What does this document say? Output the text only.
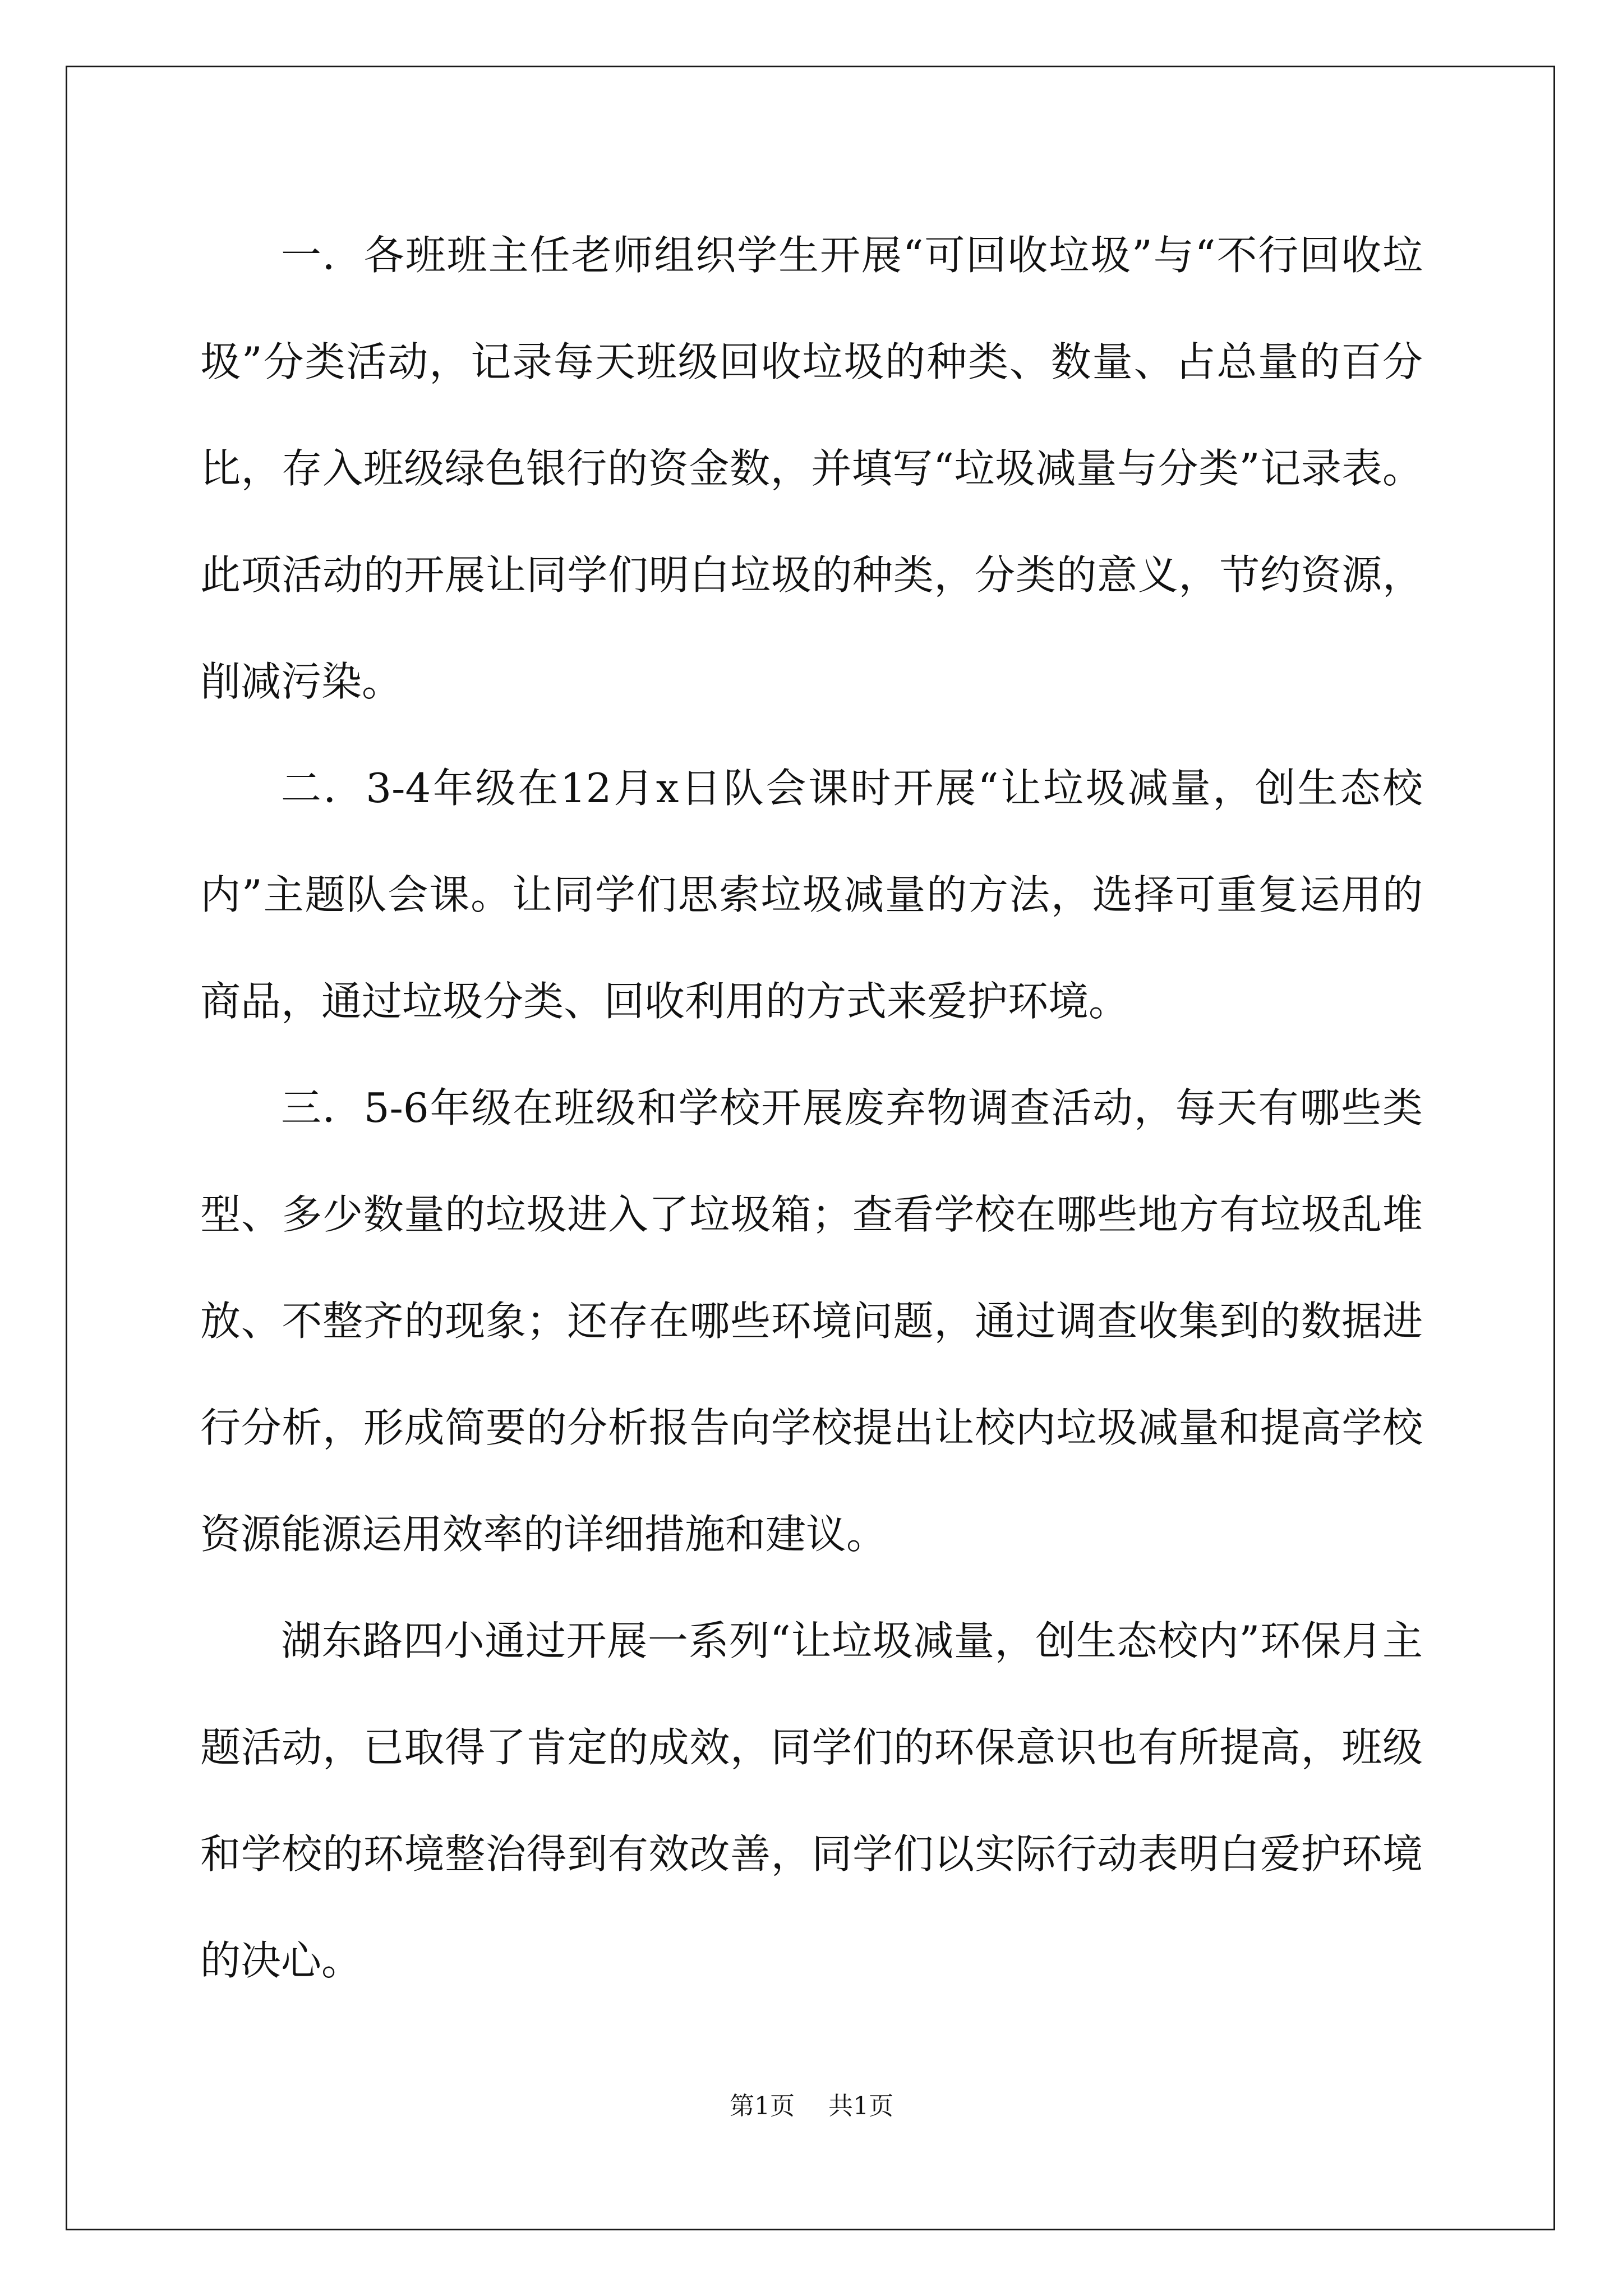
一．各班班主任老师组织学生开展“可回收垃圾”与“不行回收垃圾”分类活动，记录每天班级回收垃圾的种类、数量、占总量的百分比，存入班级绿色银行的资金数，并填写“垃圾减量与分类”记录表。此项活动的开展让同学们明白垃圾的种类，分类的意义，节约资源，削减污染。

二．3-4年级在12月x日队会课时开展“让垃圾减量，创生态校内”主题队会课。让同学们思索垃圾减量的方法，选择可重复运用的商品，通过垃圾分类、回收利用的方式来爱护环境。

三．5-6年级在班级和学校开展废弃物调查活动，每天有哪些类型、多少数量的垃圾进入了垃圾箱；查看学校在哪些地方有垃圾乱堆放、不整齐的现象；还存在哪些环境问题，通过调查收集到的数据进行分析，形成简要的分析报告向学校提出让校内垃圾减量和提高学校资源能源运用效率的详细措施和建议。

湖东路四小通过开展一系列“让垃圾减量，创生态校内”环保月主题活动，已取得了肯定的成效，同学们的环保意识也有所提高，班级和学校的环境整治得到有效改善，同学们以实际行动表明白爱护环境的决心。

第1页 共1页
